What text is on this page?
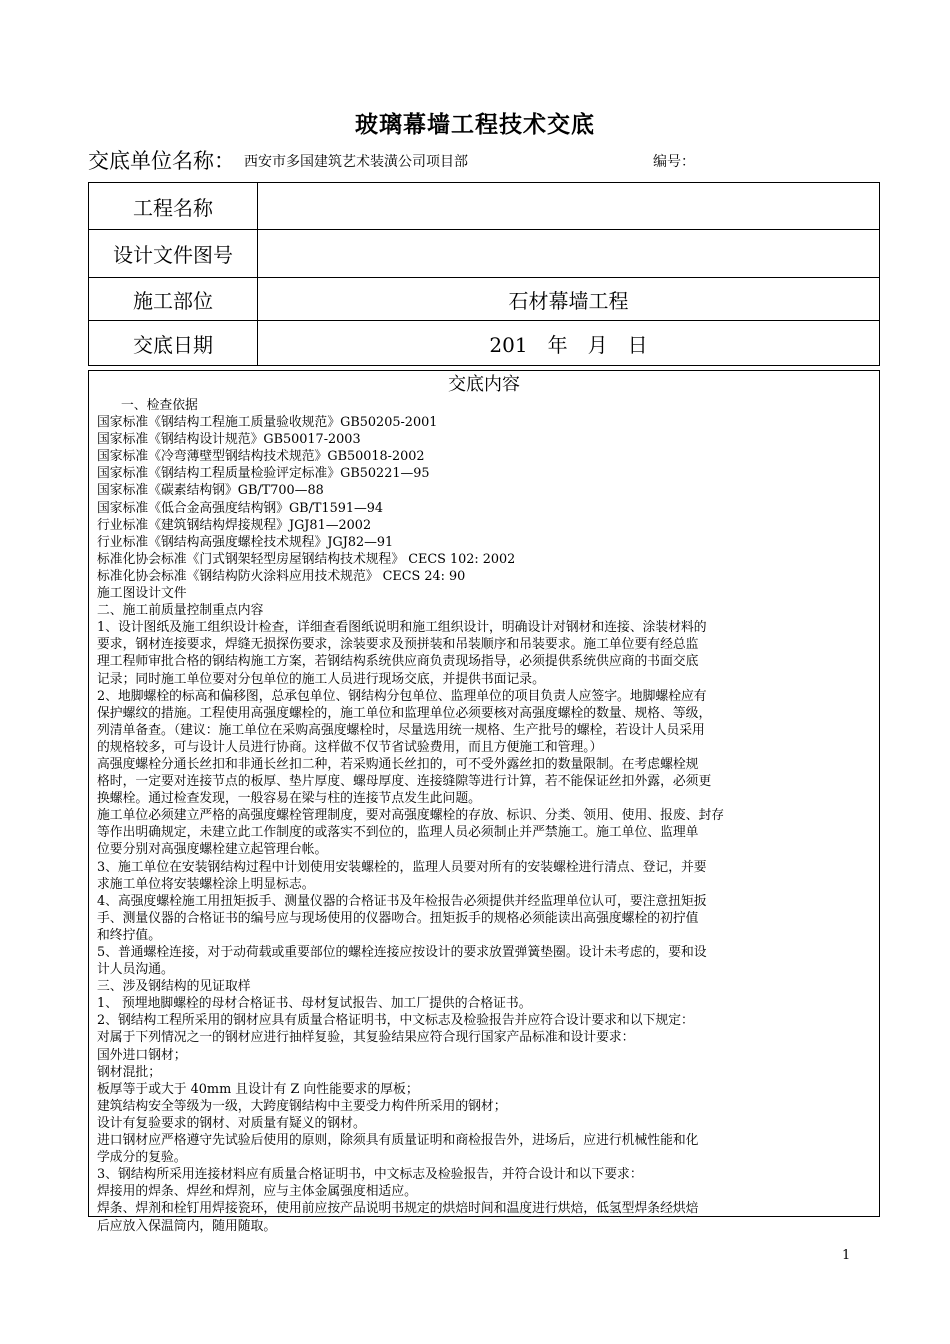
玻璃幕墙工程技术交底
交底单位名称： 西安市多国建筑艺术装潢公司项目部	编号：
工程名称	
设计文件图号	
施工部位	石材幕墙工程
交底日期	201　年　月　日
交底内容
一、检查依据
国家标准《钢结构工程施工质量验收规范》GB50205-2001
国家标准《钢结构设计规范》GB50017-2003
国家标准《冷弯薄壁型钢结构技术规范》GB50018-2002
国家标准《钢结构工程质量检验评定标准》GB50221—95
国家标准《碳素结构钢》GB/T700—88
国家标准《低合金高强度结构钢》GB/T1591—94
行业标准《建筑钢结构焊接规程》JGJ81—2002
行业标准《钢结构高强度螺栓技术规程》JGJ82—91
标准化协会标准《门式钢架轻型房屋钢结构技术规程》 CECS 102: 2002
标准化协会标准《钢结构防火涂料应用技术规范》 CECS 24: 90
施工图设计文件
二、施工前质量控制重点内容
1、设计图纸及施工组织设计检查，详细查看图纸说明和施工组织设计，明确设计对钢材和连接、涂装材料的
要求，钢材连接要求，焊缝无损探伤要求，涂装要求及预拼装和吊装顺序和吊装要求。施工单位要有经总监
理工程师审批合格的钢结构施工方案，若钢结构系统供应商负责现场指导，必须提供系统供应商的书面交底
记录；同时施工单位要对分包单位的施工人员进行现场交底，并提供书面记录。
2、地脚螺栓的标高和偏移图，总承包单位、钢结构分包单位、监理单位的项目负责人应签字。地脚螺栓应有
保护螺纹的措施。工程使用高强度螺栓的，施工单位和监理单位必须要核对高强度螺栓的数量、规格、等级，
列清单备查。（建议：施工单位在采购高强度螺栓时，尽量选用统一规格、生产批号的螺栓，若设计人员采用
的规格较多，可与设计人员进行协商。这样做不仅节省试验费用，而且方便施工和管理。）
高强度螺栓分通长丝扣和非通长丝扣二种，若采购通长丝扣的，可不受外露丝扣的数量限制。在考虑螺栓规
格时，一定要对连接节点的板厚、垫片厚度、螺母厚度、连接缝隙等进行计算，若不能保证丝扣外露，必须更
换螺栓。通过检查发现，一般容易在梁与柱的连接节点发生此问题。
施工单位必须建立严格的高强度螺栓管理制度，要对高强度螺栓的存放、标识、分类、领用、使用、报废、封存
等作出明确规定，未建立此工作制度的或落实不到位的，监理人员必须制止并严禁施工。施工单位、监理单
位要分别对高强度螺栓建立起管理台帐。
3、施工单位在安装钢结构过程中计划使用安装螺栓的，监理人员要对所有的安装螺栓进行清点、登记，并要
求施工单位将安装螺栓涂上明显标志。
4、高强度螺栓施工用扭矩扳手、测量仪器的合格证书及年检报告必须提供并经监理单位认可，要注意扭矩扳
手、测量仪器的合格证书的编号应与现场使用的仪器吻合。扭矩扳手的规格必须能读出高强度螺栓的初拧值
和终拧值。
5、普通螺栓连接，对于动荷载或重要部位的螺栓连接应按设计的要求放置弹簧垫圈。设计未考虑的，要和设
计人员沟通。
三、涉及钢结构的见证取样
1、 预埋地脚螺栓的母材合格证书、母材复试报告、加工厂提供的合格证书。
2、钢结构工程所采用的钢材应具有质量合格证明书，中文标志及检验报告并应符合设计要求和以下规定：
对属于下列情况之一的钢材应进行抽样复验，其复验结果应符合现行国家产品标准和设计要求：
国外进口钢材；
钢材混批；
板厚等于或大于 40mm 且设计有 Z 向性能要求的厚板；
建筑结构安全等级为一级，大跨度钢结构中主要受力构件所采用的钢材；
设计有复验要求的钢材、对质量有疑义的钢材。
进口钢材应严格遵守先试验后使用的原则，除须具有质量证明和商检报告外，进场后，应进行机械性能和化
学成分的复验。
3、钢结构所采用连接材料应有质量合格证明书，中文标志及检验报告，并符合设计和以下要求：
焊接用的焊条、焊丝和焊剂，应与主体金属强度相适应。
焊条、焊剂和栓钉用焊接瓷环，使用前应按产品说明书规定的烘焙时间和温度进行烘焙，低氢型焊条经烘焙
后应放入保温筒内，随用随取。
1
